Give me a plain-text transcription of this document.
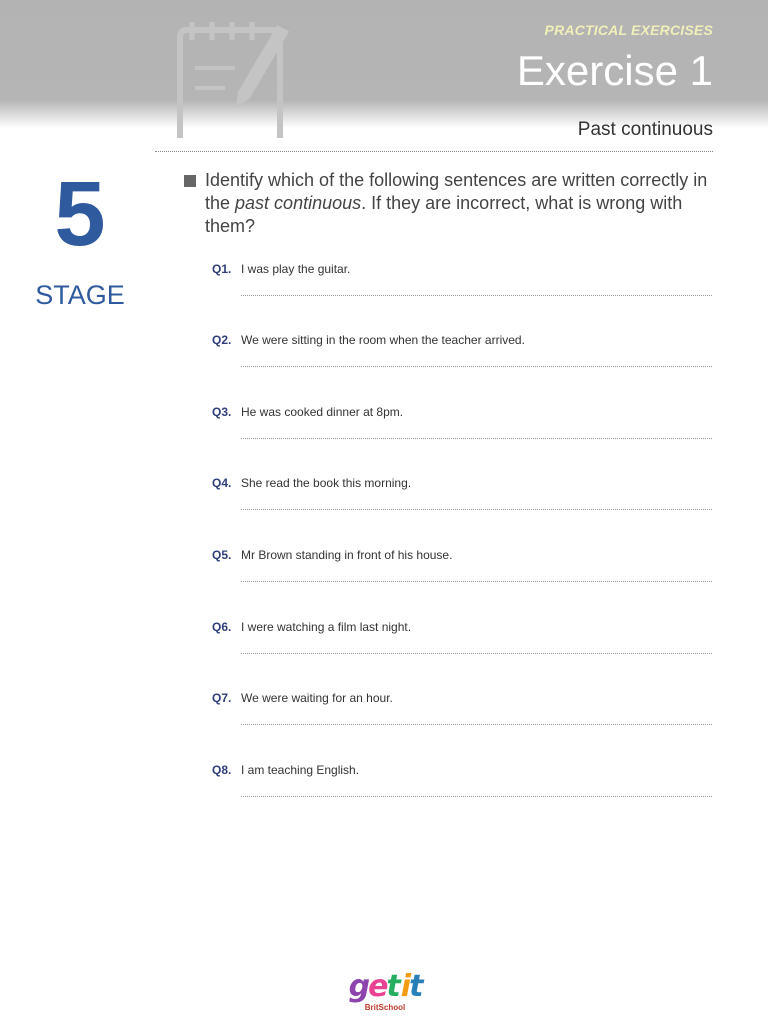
PRACTICAL EXERCISES
Exercise 1
Past continuous
5
STAGE
Identify which of the following sentences are written correctly in the past continuous. If they are incorrect, what is wrong with them?
Q1. I was play the guitar.
Q2. We were sitting in the room when the teacher arrived.
Q3. He was cooked dinner at 8pm.
Q4. She read the book this morning.
Q5. Mr Brown standing in front of his house.
Q6. I were watching a film last night.
Q7. We were waiting for an hour.
Q8. I am teaching English.
getit
BritSchool
